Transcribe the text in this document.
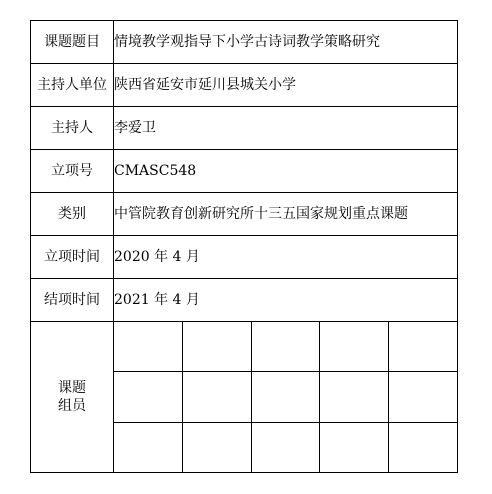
课题题目	情境教学观指导下小学古诗词教学策略研究
主持人单位	陕西省延安市延川县城关小学
主持人	李爱卫
立项号	CMASC548
类别	中管院教育创新研究所十三五国家规划重点课题
立项时间	2020 年 4 月
结项时间	2021 年 4 月

课题
组员
